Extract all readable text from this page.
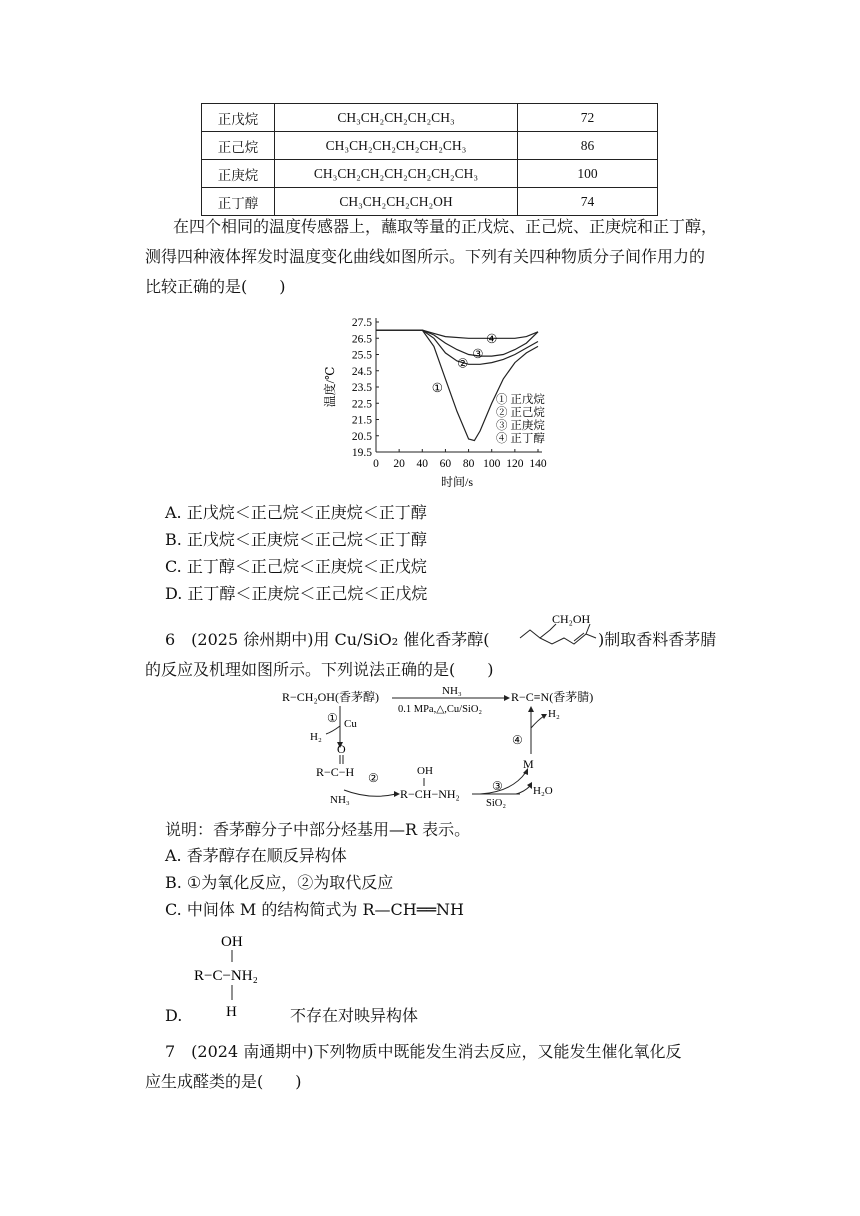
正戊烷	CH₃CH₂CH₂CH₂CH₃	72
正己烷	CH₃CH₂CH₂CH₂CH₂CH₃	86
正庚烷	CH₃CH₂CH₂CH₂CH₂CH₂CH₃	100
正丁醇	CH₃CH₂CH₂CH₂OH	74
在四个相同的温度传感器上，蘸取等量的正戊烷、正己烷、正庚烷和正丁醇，
测得四种液体挥发时温度变化曲线如图所示。下列有关四种物质分子间作用力的
比较正确的是(　　)
27.5
26.5
25.5
24.5
23.5
22.5
21.5
20.5
19.5
0 20 40 60 80 100 120 140
时间/s
温度/℃	①
②
③
④
① 正戊烷
② 正己烷
③ 正庚烷
④ 正丁醇
A. 正戊烷＜正己烷＜正庚烷＜正丁醇
B. 正戊烷＜正庚烷＜正己烷＜正丁醇
C. 正丁醇＜正己烷＜正庚烷＜正戊烷
D. 正丁醇＜正庚烷＜正己烷＜正戊烷
6　(2025 徐州期中)用 Cu/SiO₂ 催化香茅醇(
CH₂OH
)制取香料香茅腈
的反应及机理如图所示。下列说法正确的是(　　)
R−CH₂OH(香茅醇)	NH₃
0.1 MPa,△,Cu/SiO₂
R−C≡N(香茅腈)
① Cu
H₂
O
R−C−H ②
NH₃
OH
R−CH−NH₂
③
SiO₂
H₂O
M
④
H₂
说明：香茅醇分子中部分烃基用—R 表示。
A. 香茅醇存在顺反异构体
B. ①为氧化反应，②为取代反应
C. 中间体 M 的结构简式为 R—CH══NH
OH
R−C−NH₂
H
D.	不存在对映异构体
7　(2024 南通期中)下列物质中既能发生消去反应，又能发生催化氧化反
应生成醛类的是(　　)
